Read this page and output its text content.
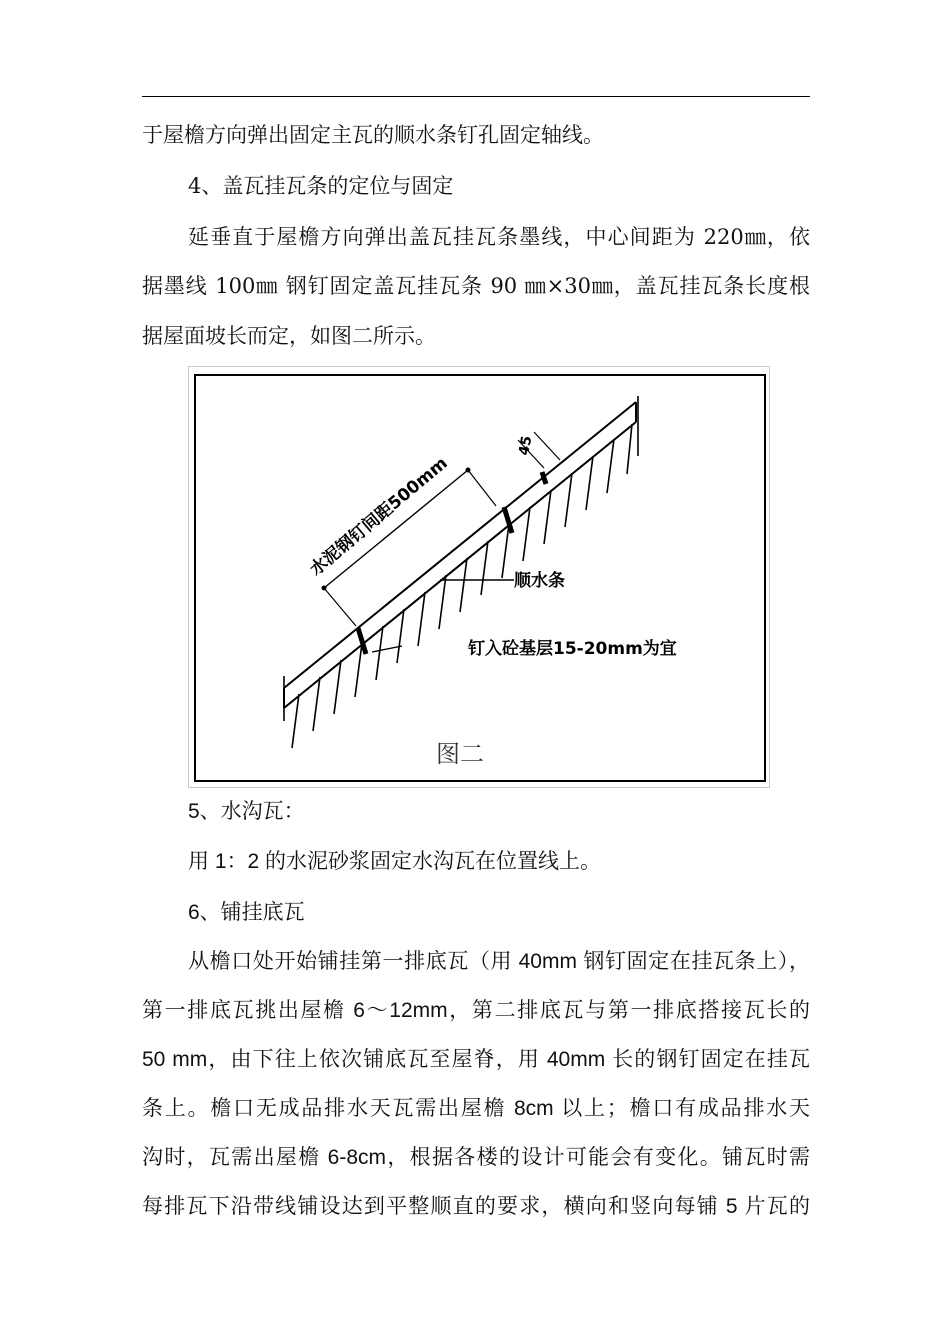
于屋檐方向弹出固定主瓦的顺水条钉孔固定轴线。
4、盖瓦挂瓦条的定位与固定
延垂直于屋檐方向弹出盖瓦挂瓦条墨线，中心间距为 220㎜，依
据墨线 100㎜ 钢钉固定盖瓦挂瓦条 90 ㎜×30㎜，盖瓦挂瓦条长度根
据屋面坡长而定，如图二所示。
水泥钢钉间距500mm
45
顺水条
钉入砼基层15-20mm为宜
图二
5、水沟瓦：
用 1：2 的水泥砂浆固定水沟瓦在位置线上。
6、铺挂底瓦
从檐口处开始铺挂第一排底瓦（用 40mm 钢钉固定在挂瓦条上），
第一排底瓦挑出屋檐 6～12mm，第二排底瓦与第一排底搭接瓦长的
50 mm，由下往上依次铺底瓦至屋脊，用 40mm 长的钢钉固定在挂瓦
条上。檐口无成品排水天瓦需出屋檐 8cm 以上；檐口有成品排水天
沟时，瓦需出屋檐 6-8cm，根据各楼的设计可能会有变化。铺瓦时需
每排瓦下沿带线铺设达到平整顺直的要求，横向和竖向每铺 5 片瓦的
